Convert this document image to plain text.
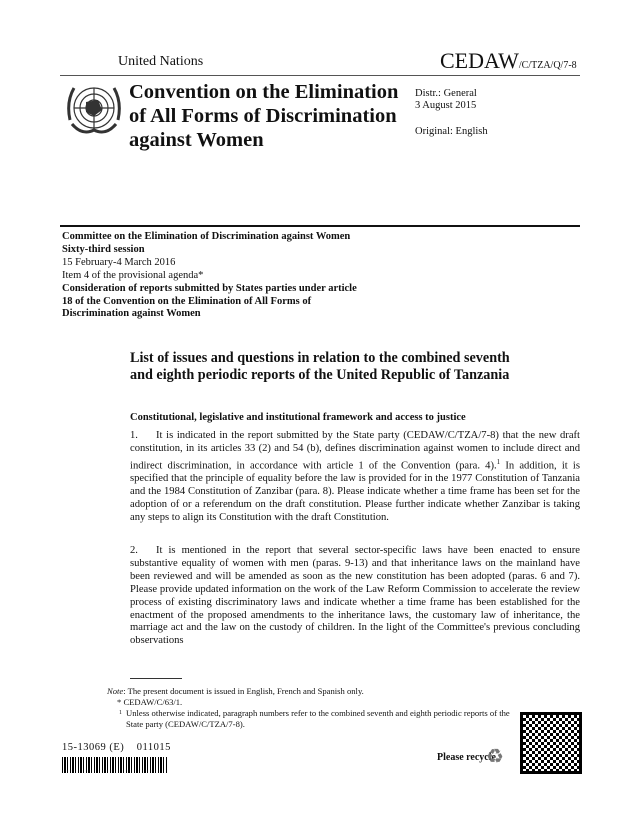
United Nations	CEDAW/C/TZA/Q/7-8
Convention on the Elimination
of All Forms of Discrimination
against Women
Distr.: General
3 August 2015
Original: English
Committee on the Elimination of Discrimination against Women
Sixty-third session
15 February-4 March 2016
Item 4 of the provisional agenda*
Consideration of reports submitted by States parties under article 18 of the Convention on the Elimination of All Forms of Discrimination against Women
List of issues and questions in relation to the combined seventh and eighth periodic reports of the United Republic of Tanzania
Constitutional, legislative and institutional framework and access to justice
1. It is indicated in the report submitted by the State party (CEDAW/C/TZA/7-8) that the new draft constitution, in its articles 33 (2) and 54 (b), defines discrimination against women to include direct and indirect discrimination, in accordance with article 1 of the Convention (para. 4).$^1$ In addition, it is specified that the principle of equality before the law is provided for in the 1977 Constitution of Tanzania and the 1984 Constitution of Zanzibar (para. 8). Please indicate whether a time frame has been set for the adoption of or a referendum on the draft constitution. Please further indicate whether Zanzibar is taking any steps to align its Constitution with the draft Constitution.
2. It is mentioned in the report that several sector-specific laws have been enacted to ensure substantive equality of women with men (paras. 9-13) and that inheritance laws on the mainland have been reviewed and will be amended as soon as the new constitution has been adopted (paras. 6 and 7). Please provide updated information on the work of the Law Reform Commission to accelerate the review process of existing discriminatory laws and indicate whether a time frame has been established for the enactment of the proposed amendments to the inheritance laws, the customary law of inheritance, the marriage act and the law on the custody of children. In the light of the Committee's previous concluding observations
Note: The present document is issued in English, French and Spanish only.
* CEDAW/C/63/1.
1 Unless otherwise indicated, paragraph numbers refer to the combined seventh and eighth periodic reports of the State party (CEDAW/C/TZA/7-8).
15-13069 (E)    011015
Please recycle
♻
